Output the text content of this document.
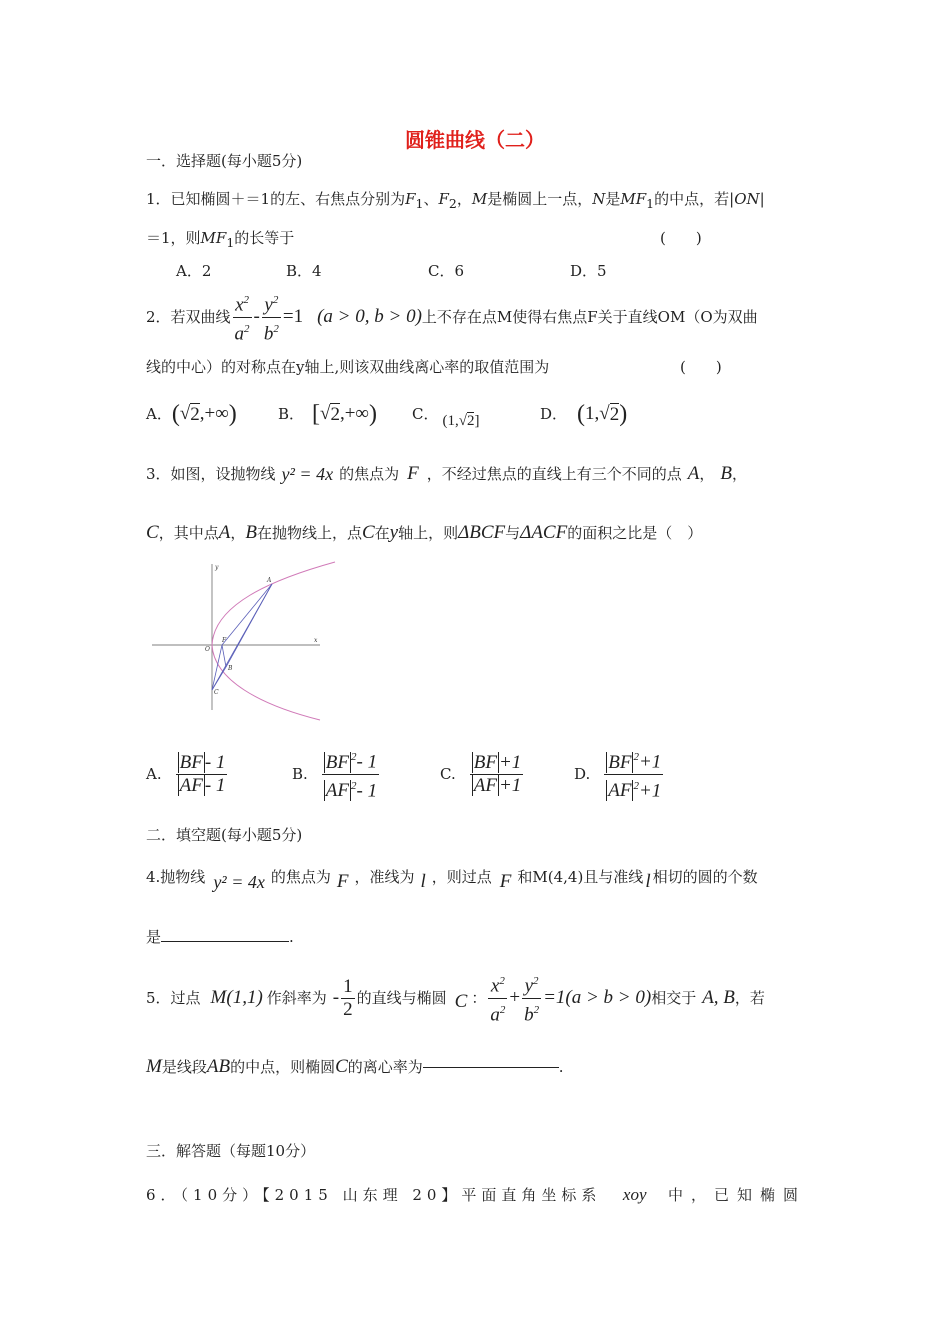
圆锥曲线（二）
一．选择题(每小题5分)
1．已知椭圆＋＝1的左、右焦点分别为$F_1$、$F_2$，M是椭圆上一点，N是$MF_1$的中点，若|ON|
＝1，则$MF_1$的长等于	(　　)
A．2	B．4	C．6	D．5
2．若双曲线 $\frac{x^2}{a^2} - \frac{y^2}{b^2} =1$ (a > 0, b > 0) 上不存在点M使得右焦点F关于直线OM（O为双曲
线的中心）的对称点在y轴上,则该双曲线离心率的取值范围为	(　　)
A． ( √ 2 , +∞ )	B． [ √ 2 , +∞ ) C． (1,√2]	D． ( 1 ,√ 2 )
3．如图，设抛物线 y² = 4x 的焦点为 F ，不经过焦点的直线上有三个不同的点 A ， B ，
C ，其中点 A ， B 在抛物线上，点 C 在 y 轴上，则 ΔBCF 与 ΔACF 的面积之比是（　）
A
F
B
C
O
x
y
A. $\frac{BF - 1}{AF - 1}$	B. $\frac{BF ^2- 1}{AF ^2- 1}$	C. $\frac{BF +1}{AF +1}$	D. $\frac{BF ^2+1}{AF ^2+1}$
二．填空题(每小题5分)
4.抛物线 y² = 4x 的焦点为 F ，准线为 l ，则过点 F 和M(4,4)且与准线 l 相切的圆的个数
是	.
5．过点 M(1,1) 作斜率为 - $\frac{1}{2}$ 的直线与椭圆 C ： $\frac{x^2}{a^2} + \frac{y^2}{b^2} =1(a > b > 0)$ 相交于 A, B ，若
M 是线段 AB 的中点，则椭圆 C 的离心率为	.
三．解答题（每题10分）
6．（10分）【2015 山东理 20】平面直角坐标系 xoy 中，已知椭圆
